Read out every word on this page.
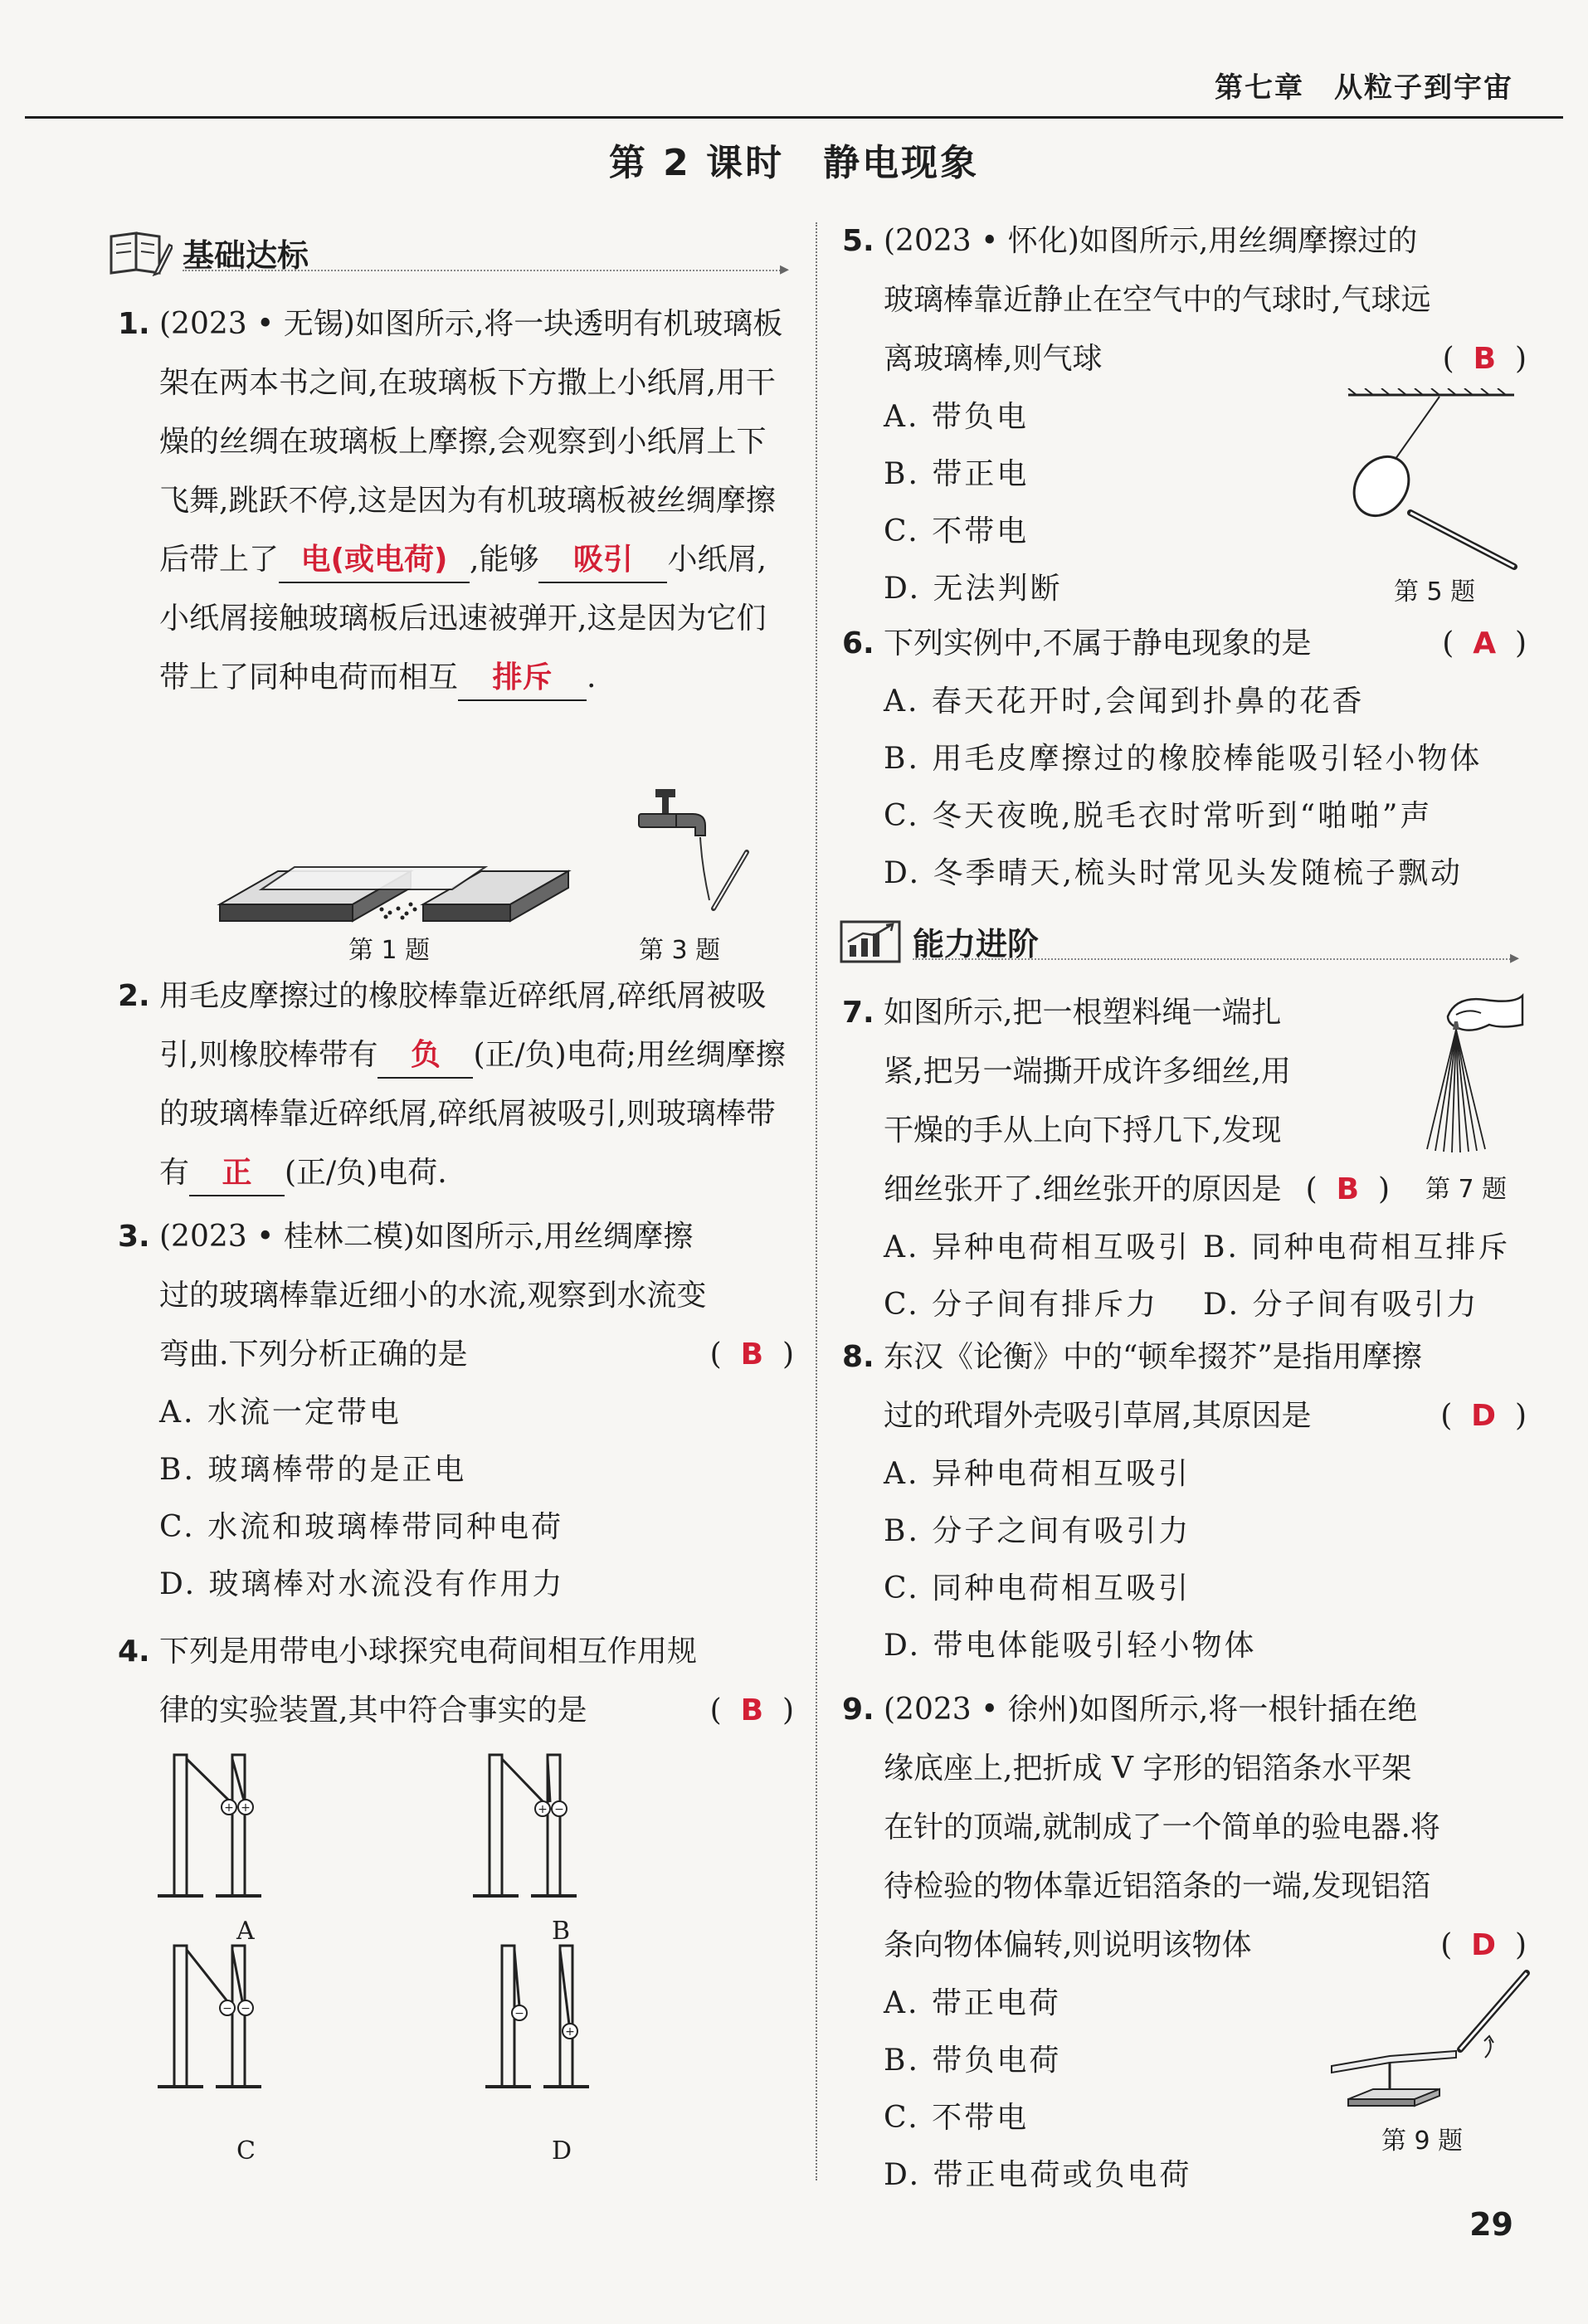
第七章　从粒子到宇宙
第 2 课时　静电现象
基础达标	▸
1. (2023 • 无锡)如图所示,将一块透明有机玻璃板架在两本书之间,在玻璃板下方撒上小纸屑,用干燥的丝绸在玻璃板上摩擦,会观察到小纸屑上下飞舞,跳跃不停,这是因为有机玻璃板被丝绸摩擦后带上了 电(或电荷) ,能够 吸引 小纸屑,小纸屑接触玻璃板后迅速被弹开,这是因为它们带上了同种电荷而相互 排斥 .
第 1 题	第 3 题
2. 用毛皮摩擦过的橡胶棒靠近碎纸屑,碎纸屑被吸引,则橡胶棒带有 负 (正/负)电荷;用丝绸摩擦的玻璃棒靠近碎纸屑,碎纸屑被吸引,则玻璃棒带有 正 (正/负)电荷.
3.
(  B  )
(2023 • 桂林二模)如图所示,用丝绸摩擦过的玻璃棒靠近细小的水流,观察到水流变弯曲.下列分析正确的是
A. 水流一定带电
B. 玻璃棒带的是正电
C. 水流和玻璃棒带同种电荷
D. 玻璃棒对水流没有作用力
4.
(  B  )
下列是用带电小球探究电荷间相互作用规律的实验装置,其中符合事实的是
+ +	+ −
− −	−
+
A	B
C	D
5.
(  B  )
(2023 • 怀化)如图所示,用丝绸摩擦过的玻璃棒靠近静止在空气中的气球时,气球远离玻璃棒,则气球
A. 带负电
B. 带正电
C. 不带电
D. 无法判断	第 5 题
6.	(  A  )
下列实例中,不属于静电现象的是
A. 春天花开时,会闻到扑鼻的花香
B. 用毛皮摩擦过的橡胶棒能吸引轻小物体
C. 冬天夜晚,脱毛衣时常听到“啪啪”声
D. 冬季晴天,梳头时常见头发随梳子飘动
能力进阶	▸
7.
(  B  )
如图所示,把一根塑料绳一端扎紧,把另一端撕开成许多细丝,用干燥的手从上向下捋几下,发现细丝张开了.细丝张开的原因是
A. 异种电荷相互吸引 B. 同种电荷相互排斥
C. 分子间有排斥力	D. 分子间有吸引力
第 7 题
8.
(  D  )
东汉《论衡》中的“顿牟掇芥”是指用摩擦过的玳瑁外壳吸引草屑,其原因是
A. 异种电荷相互吸引
B. 分子之间有吸引力
C. 同种电荷相互吸引
D. 带电体能吸引轻小物体
9.
(  D  )
(2023 • 徐州)如图所示,将一根针插在绝缘底座上,把折成 V 字形的铝箔条水平架在针的顶端,就制成了一个简单的验电器.将待检验的物体靠近铝箔条的一端,发现铝箔条向物体偏转,则说明该物体
A. 带正电荷
B. 带负电荷
C. 不带电
D. 带正电荷或负电荷
第 9 题
29
